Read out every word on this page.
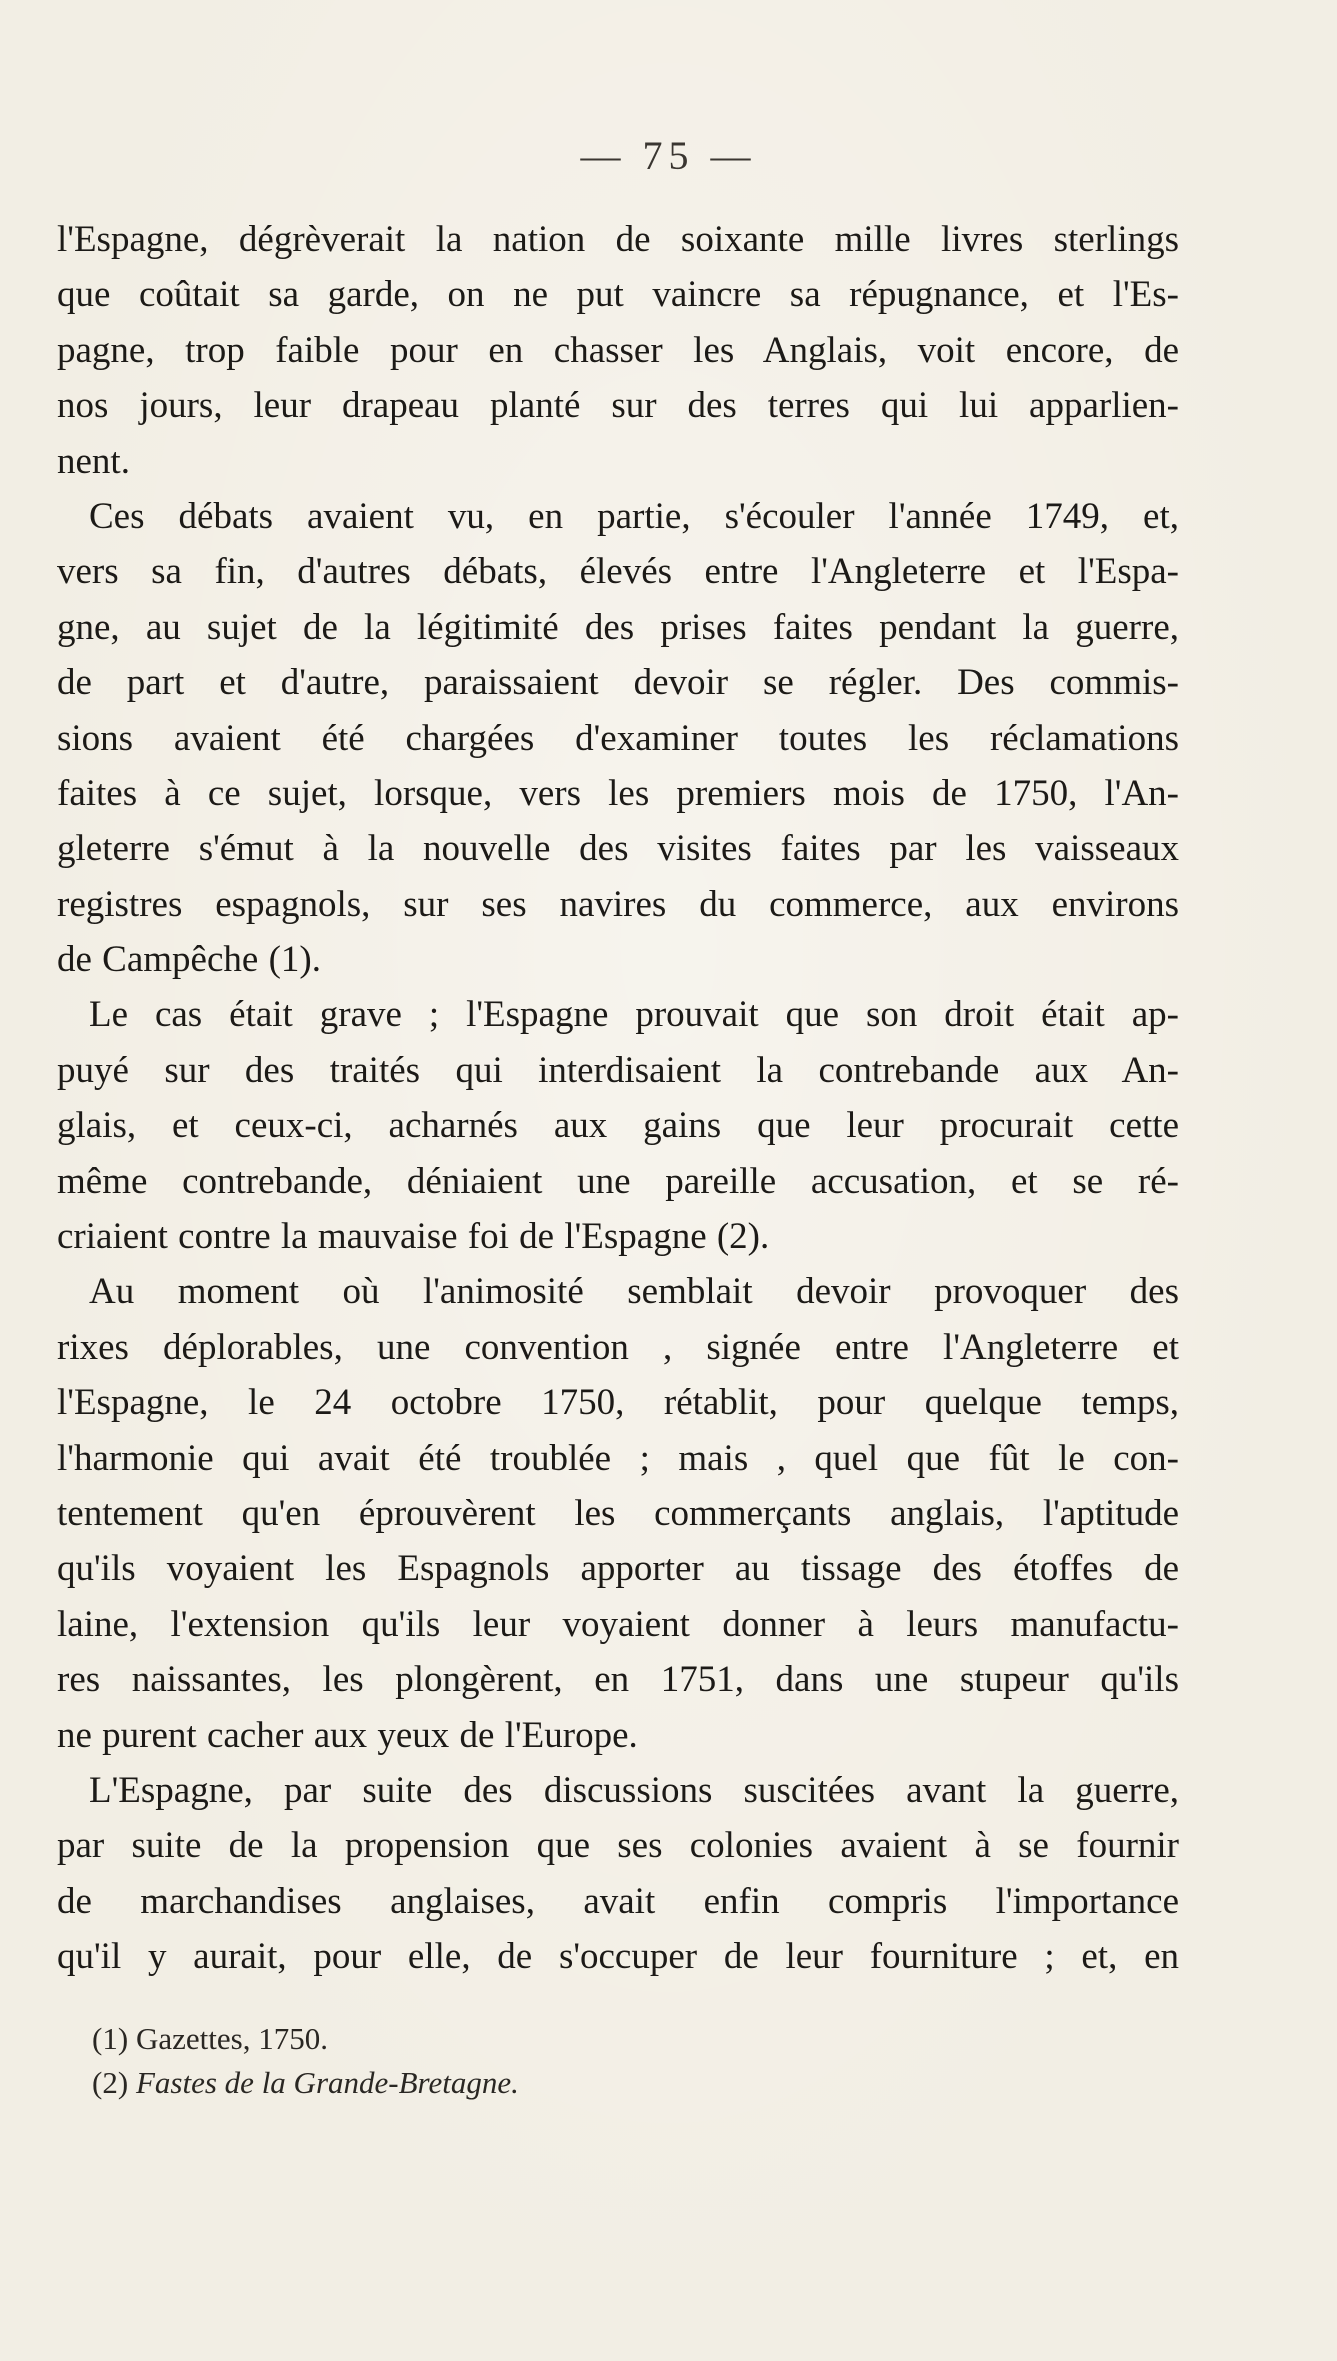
— 75 —
l'Espagne, dégrèverait la nation de soixante mille livres sterlings
que coûtait sa garde, on ne put vaincre sa répugnance, et l'Es-
pagne, trop faible pour en chasser les Anglais, voit encore, de
nos jours, leur drapeau planté sur des terres qui lui apparlien-
nent.
Ces débats avaient vu, en partie, s'écouler l'année 1749, et,
vers sa fin, d'autres débats, élevés entre l'Angleterre et l'Espa-
gne, au sujet de la légitimité des prises faites pendant la guerre,
de part et d'autre, paraissaient devoir se régler. Des commis-
sions avaient été chargées d'examiner toutes les réclamations
faites à ce sujet, lorsque, vers les premiers mois de 1750, l'An-
gleterre s'émut à la nouvelle des visites faites par les vaisseaux
registres espagnols, sur ses navires du commerce, aux environs
de Campêche (1).
Le cas était grave ; l'Espagne prouvait que son droit était ap-
puyé sur des traités qui interdisaient la contrebande aux An-
glais, et ceux-ci, acharnés aux gains que leur procurait cette
même contrebande, déniaient une pareille accusation, et se ré-
criaient contre la mauvaise foi de l'Espagne (2).
Au moment où l'animosité semblait devoir provoquer des
rixes déplorables, une convention , signée entre l'Angleterre et
l'Espagne, le 24 octobre 1750, rétablit, pour quelque temps,
l'harmonie qui avait été troublée ; mais , quel que fût le con-
tentement qu'en éprouvèrent les commerçants anglais, l'aptitude
qu'ils voyaient les Espagnols apporter au tissage des étoffes de
laine, l'extension qu'ils leur voyaient donner à leurs manufactu-
res naissantes, les plongèrent, en 1751, dans une stupeur qu'ils
ne purent cacher aux yeux de l'Europe.
L'Espagne, par suite des discussions suscitées avant la guerre,
par suite de la propension que ses colonies avaient à se fournir
de marchandises anglaises, avait enfin compris l'importance
qu'il y aurait, pour elle, de s'occuper de leur fourniture ; et, en
(1) Gazettes, 1750.
(2) Fastes de la Grande-Bretagne.
